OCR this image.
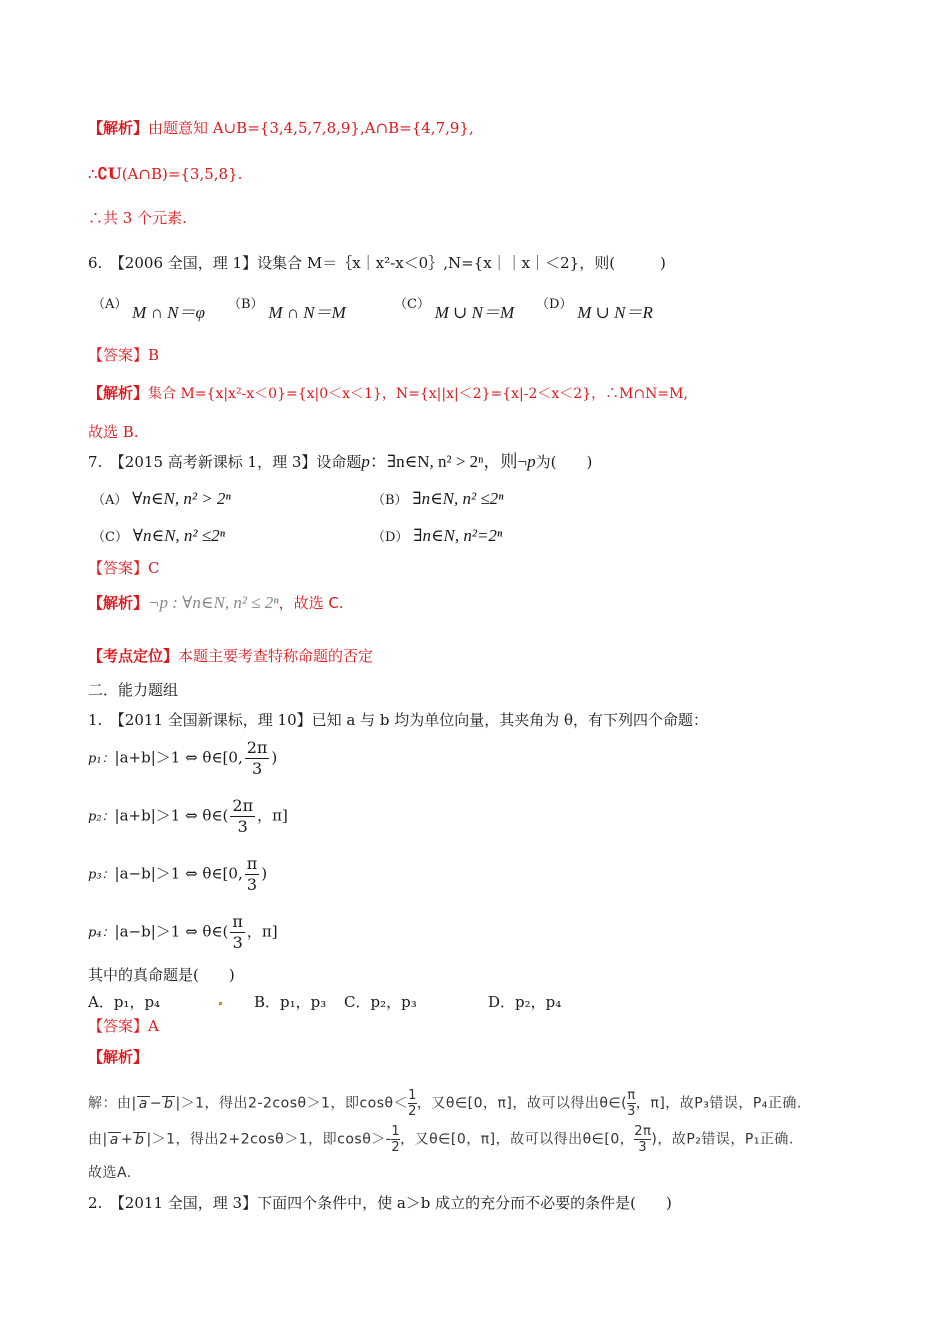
【解析】由题意知 A∪B={3,4,5,7,8,9},A∩B={4,7,9},
∴∁U(A∩B)={3,5,8}.
∴共 3 个元素.
6.　【2006 全国，理 1】设集合 M＝｛x｜x²-x＜0｝,N={x｜｜x｜＜2}，则(　　　)
（A） M ∩ N＝φ （B） M ∩ N＝M	（C） M ∪ N＝M （D） M ∪ N＝R
【答案】B
【解析】集合 M={x|x²-x＜0}={x|0＜x＜1}，N={x||x|＜2}={x|-2＜x＜2}，∴M∩N=M,
故选 B.
7.　【2015 高考新课标 1，理 3】设命题p：∃n∈N, n² > 2ⁿ，则¬p为(　　)
（A） ∀n∈N, n² > 2ⁿ	（B） ∃n∈N, n² ≤2ⁿ
（C） ∀n∈N, n² ≤2ⁿ	（D） ∃n∈N, n²=2ⁿ
【答案】C
【解析】¬p : ∀n∈N, n² ≤ 2ⁿ，故选 C.
【考点定位】本题主要考查特称命题的否定
二．能力题组
1.　【2011 全国新课标，理 10】已知 a 与 b 均为单位向量，其夹角为 θ，有下列四个命题：
p₁：|a+b|＞1 ⇔ θ∈[0, $\frac{2\pi}{3}$ )
p₂：|a+b|＞1 ⇔ θ∈( $\frac{2\pi}{3}$ ，π]
p₃：|a−b|＞1 ⇔ θ∈[0, $\frac{\pi}{3}$ )
p₄：|a−b|＞1 ⇔ θ∈( $\frac{\pi}{3}$ ，π]
其中的真命题是(　　)
A．p₁，p₄	B．p₁，p₃ C．p₂，p₃	D．p₂，p₄
【答案】A
【解析】
解：由| a − b |＞1，得出2-2cosθ＞1，即$\cos\theta< \frac{1}{2}$ ，又θ∈[0，π]，故可以得出θ∈( $\frac{\pi}{3}$ ，π]，故P₃错误，P₄正确.
由| a + b |＞1，得出2+2cosθ＞1，即$\cos\theta>- \frac{1}{2}$ ，又θ∈[0，π]，故可以得出θ∈[0， $\frac{2\pi}{3}$ )，故P₂错误，P₁正确.
故选A.
2.　【2011 全国，理 3】下面四个条件中，使 a＞b 成立的充分而不必要的条件是(　　)
